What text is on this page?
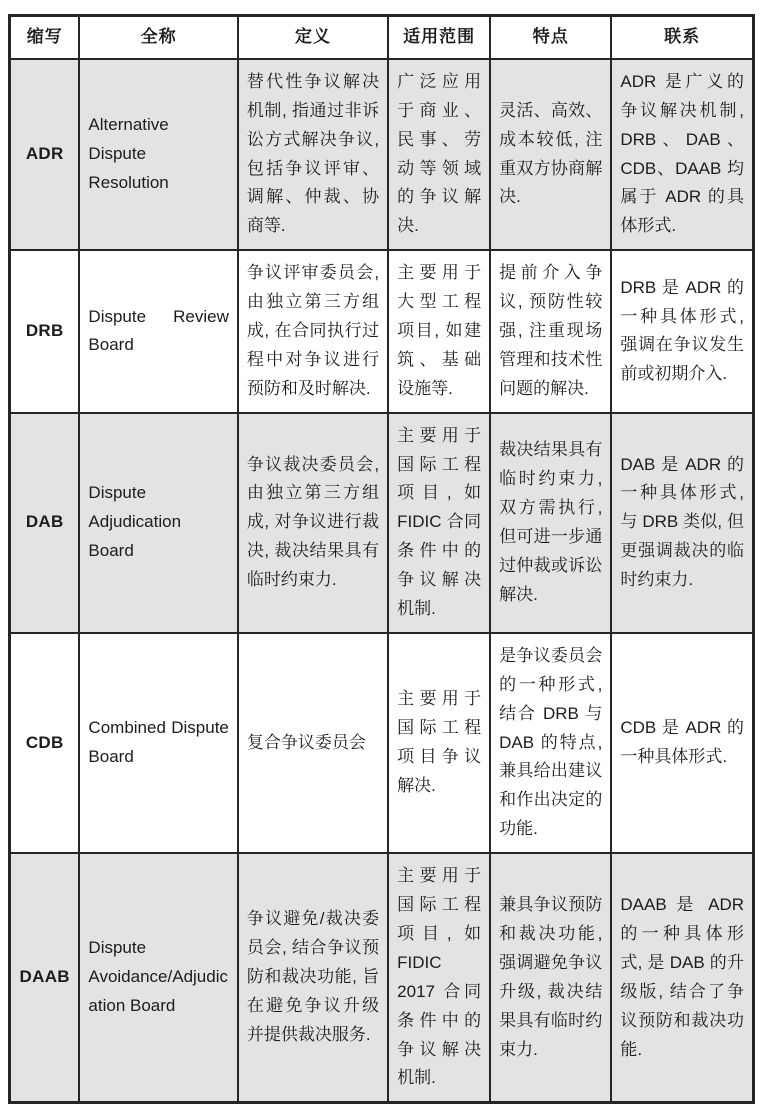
缩写	全称	定义	适用范围	特点	联系
ADR	Alternative Dispute Resolution	替代性争议解决机制, 指通过非诉讼方式解决争议, 包括争议评审、调解、仲裁、协商等.	广泛应用于商业、民事、劳动等领域的争议解决.	灵活、高效、成本较低, 注重双方协商解决.	ADR 是广义的争议解决机制, DRB、DAB、CDB、DAAB 均属于 ADR 的具体形式.
DRB	Dispute Review Board	争议评审委员会, 由独立第三方组成, 在合同执行过程中对争议进行预防和及时解决.	主要用于大型工程项目, 如建筑、基础设施等.	提前介入争议, 预防性较强, 注重现场管理和技术性问题的解决.	DRB 是 ADR 的一种具体形式, 强调在争议发生前或初期介入.
DAB	Dispute Adjudication Board	争议裁决委员会, 由独立第三方组成, 对争议进行裁决, 裁决结果具有临时约束力.	主要用于国际工程项目, 如 FIDIC 合同条件中的争议解决机制.	裁决结果具有临时约束力, 双方需执行, 但可进一步通过仲裁或诉讼解决.	DAB 是 ADR 的一种具体形式, 与 DRB 类似, 但更强调裁决的临时约束力.
CDB	Combined Dispute Board	复合争议委员会	主要用于国际工程项目争议解决.	是争议委员会的一种形式, 结合 DRB 与 DAB 的特点, 兼具给出建议和作出决定的功能.	CDB 是 ADR 的一种具体形式.
DAAB	Dispute Avoidance/Adjudication Board	争议避免/裁决委员会, 结合争议预防和裁决功能, 旨在避免争议升级并提供裁决服务.	主要用于国际工程项目, 如 FIDIC 2017 合同条件中的争议解决机制.	兼具争议预防和裁决功能, 强调避免争议升级, 裁决结果具有临时约束力.	DAAB 是 ADR 的一种具体形式, 是 DAB 的升级版, 结合了争议预防和裁决功能.
